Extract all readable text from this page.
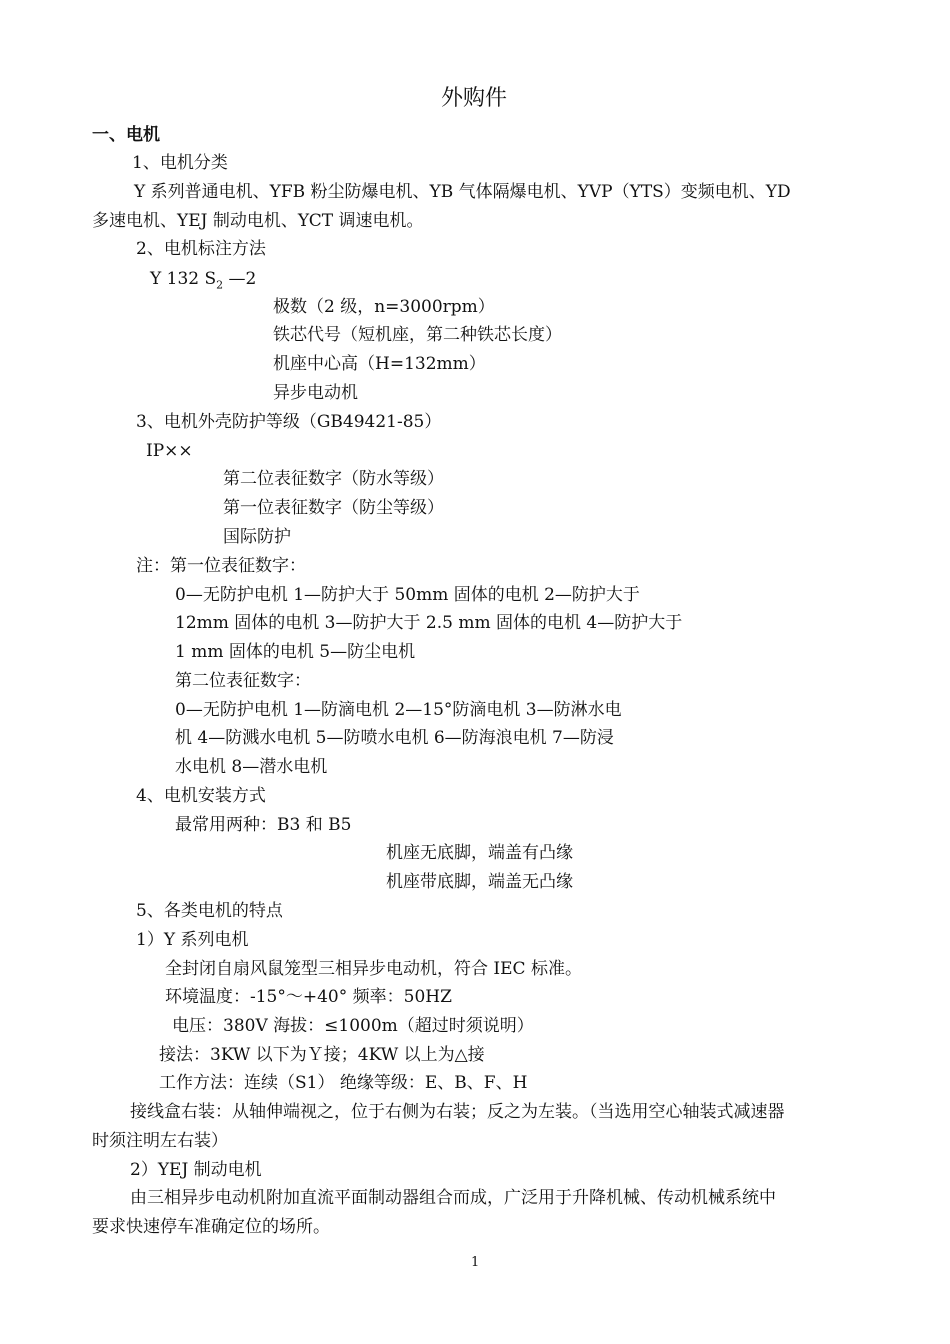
外购件
一、电机
1、电机分类
Y 系列普通电机、YFB 粉尘防爆电机、YB 气体隔爆电机、YVP（YTS）变频电机、YD
多速电机、YEJ 制动电机、YCT 调速电机。
2、电机标注方法
Y 132 $S_2$ —2
极数（2 级，n=3000rpm）
铁芯代号（短机座，第二种铁芯长度）
机座中心高（H=132mm）
异步电动机
3、电机外壳防护等级（GB49421-85）
IP××
第二位表征数字（防水等级）
第一位表征数字（防尘等级）
国际防护
注：第一位表征数字：
0—无防护电机 1—防护大于 50mm 固体的电机 2—防护大于
12mm 固体的电机 3—防护大于 2.5 mm 固体的电机 4—防护大于
1 mm 固体的电机 5—防尘电机
第二位表征数字：
0—无防护电机 1—防滴电机 2—15°防滴电机 3—防淋水电
机 4—防溅水电机 5—防喷水电机 6—防海浪电机 7—防浸
水电机 8—潜水电机
4、电机安装方式
最常用两种：B3 和 B5
机座无底脚，端盖有凸缘
机座带底脚，端盖无凸缘
5、各类电机的特点
1）Y 系列电机
全封闭自扇风鼠笼型三相异步电动机，符合 IEC 标准。
环境温度：-15°～+40° 频率：50HZ
电压：380V 海拔：≤1000m（超过时须说明）
接法：3KW 以下为Ｙ接；4KW 以上为△接
工作方法：连续（S1） 绝缘等级：E、B、F、H
接线盒右装：从轴伸端视之，位于右侧为右装；反之为左装。（当选用空心轴装式减速器
时须注明左右装）
2）YEJ 制动电机
由三相异步电动机附加直流平面制动器组合而成，广泛用于升降机械、传动机械系统中
要求快速停车准确定位的场所。
1
